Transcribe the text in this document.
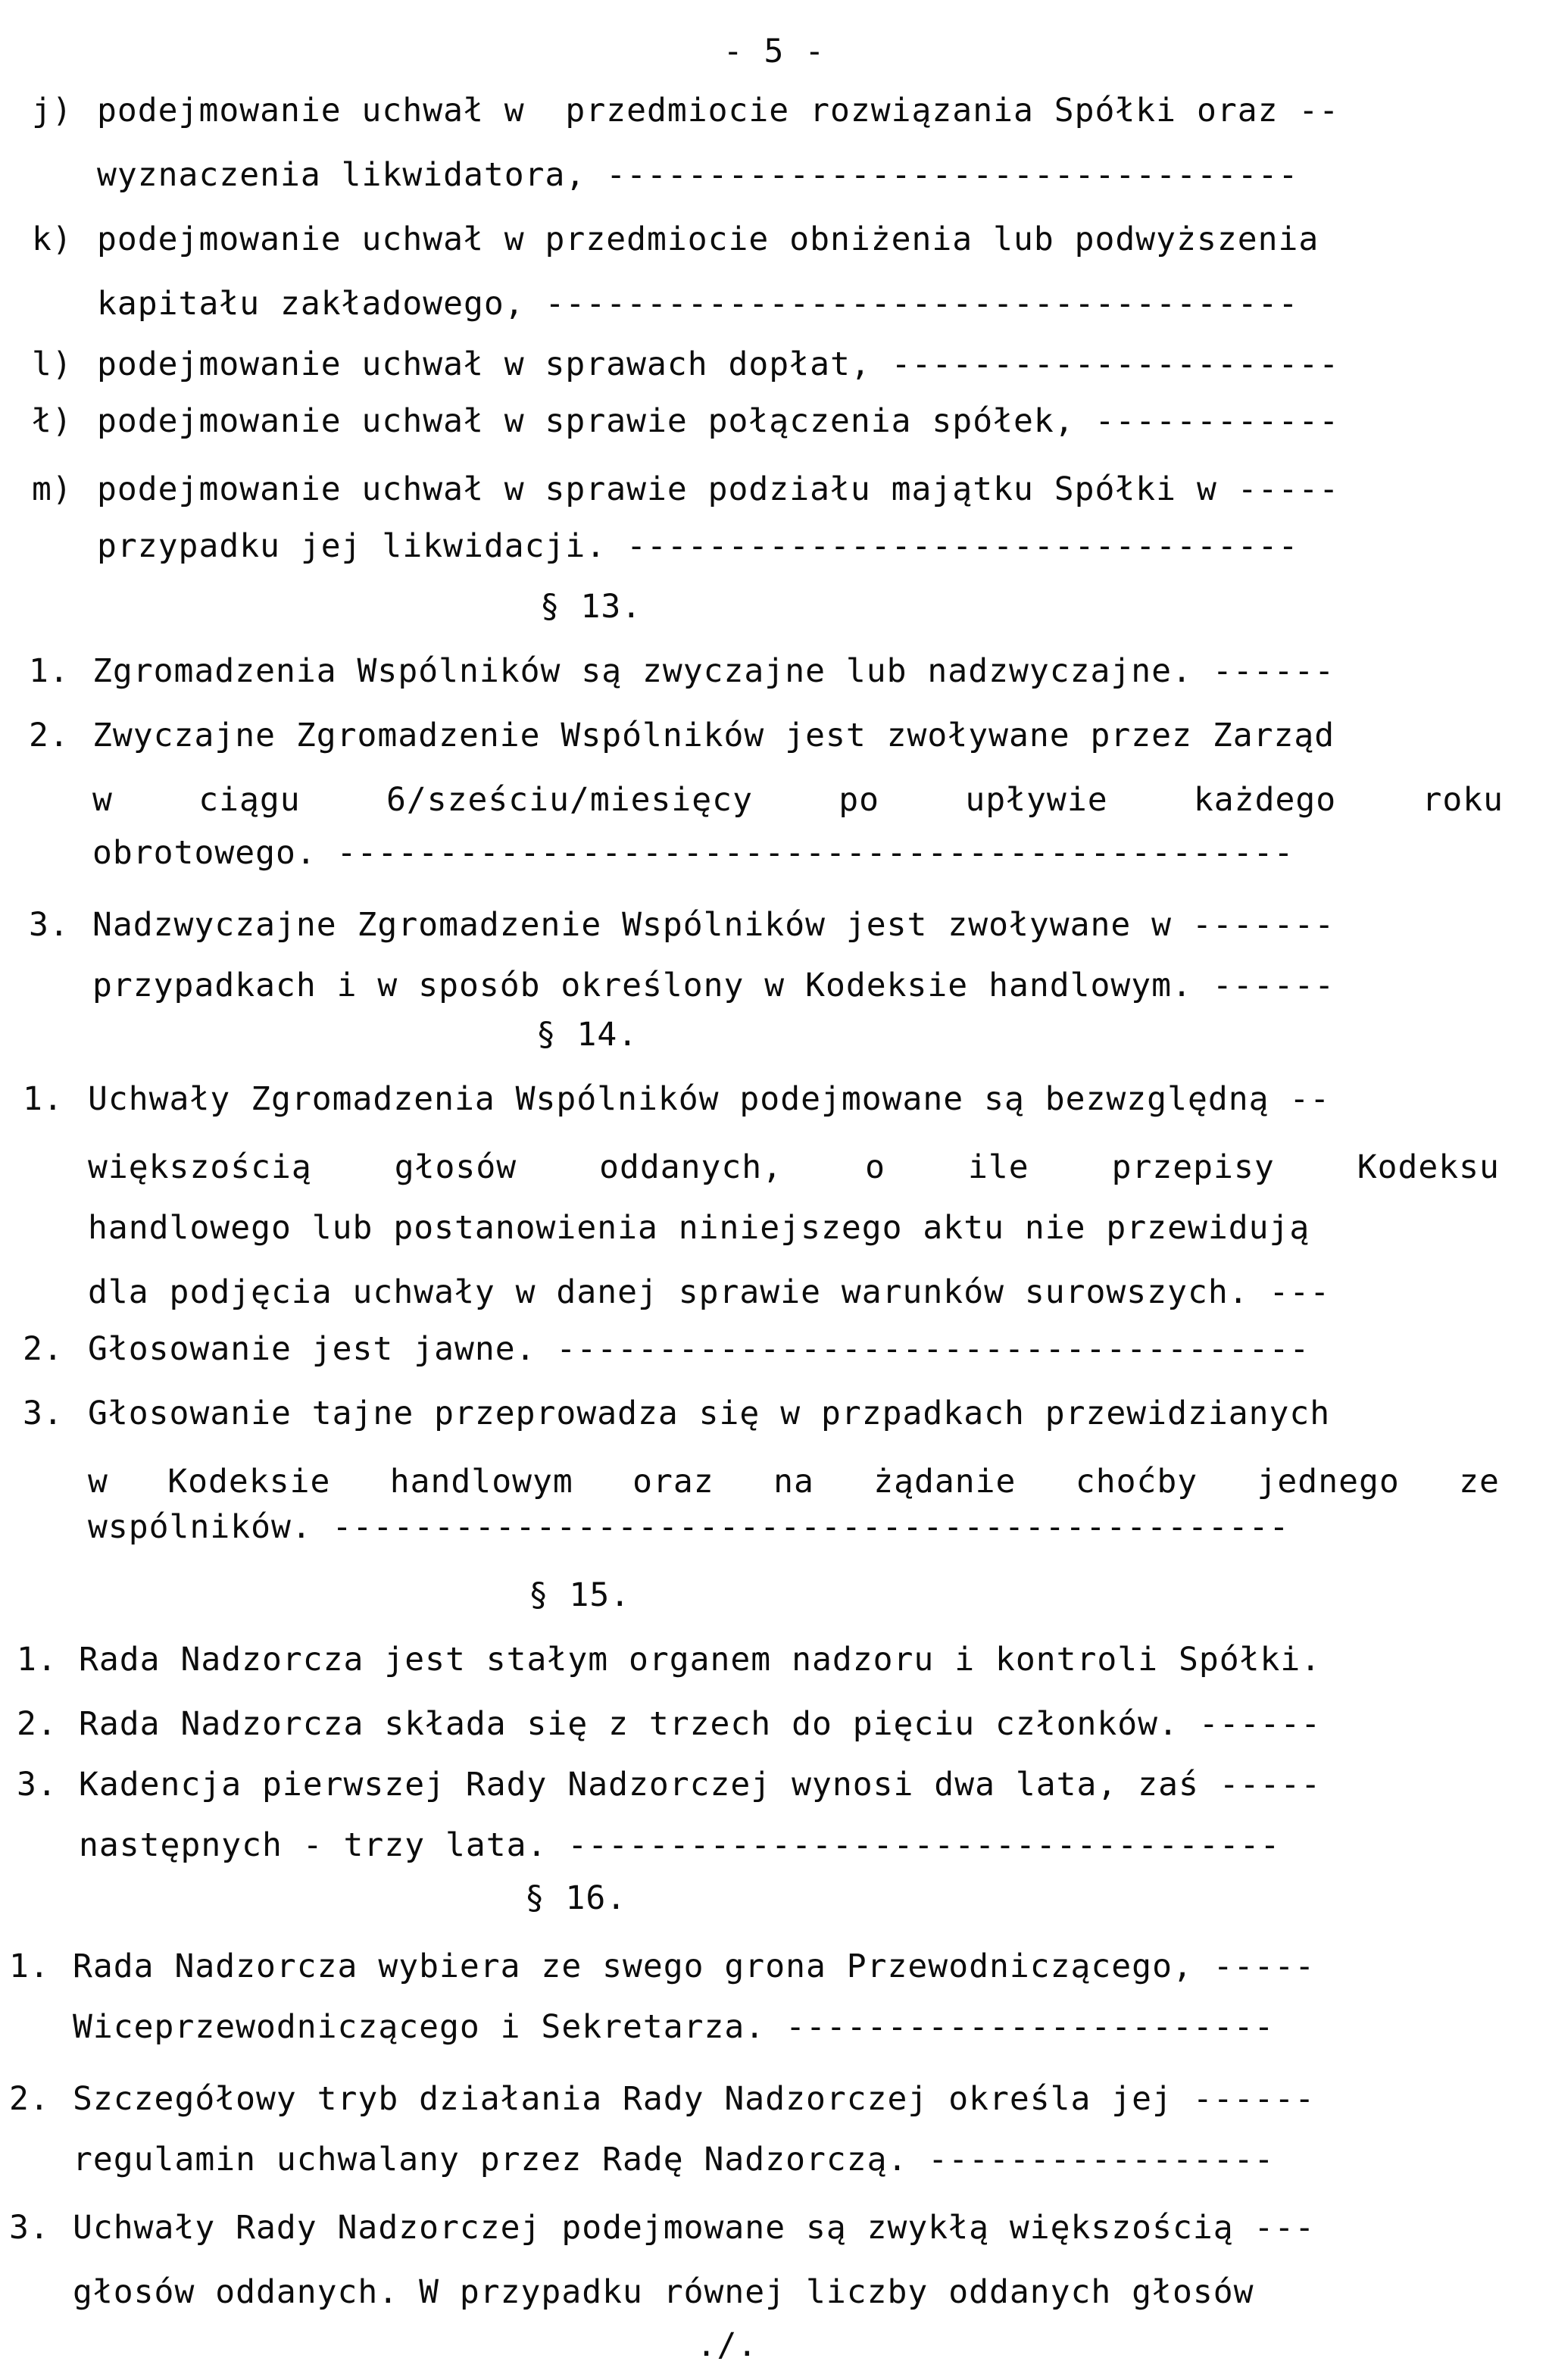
- 5 -
./.
j) podejmowanie uchwał w  przedmiocie rozwiązania Spółki oraz --
wyznaczenia likwidatora, ----------------------------------
k) podejmowanie uchwał w przedmiocie obniżenia lub podwyższenia
kapitału zakładowego, -------------------------------------
l) podejmowanie uchwał w sprawach dopłat, ----------------------
ł) podejmowanie uchwał w sprawie połączenia spółek, ------------
m) podejmowanie uchwał w sprawie podziału majątku Spółki w -----
przypadku jej likwidacji. ---------------------------------
§ 13.
1. Zgromadzenia Wspólników są zwyczajne lub nadzwyczajne. ------
2. Zwyczajne Zgromadzenie Wspólników jest zwoływane przez Zarząd
w	ciągu	6/sześciu/miesięcy	po	upływie	każdego	roku
obrotowego. -----------------------------------------------
3. Nadzwyczajne Zgromadzenie Wspólników jest zwoływane w -------
przypadkach i w sposób określony w Kodeksie handlowym. ------
§ 14.
1. Uchwały Zgromadzenia Wspólników podejmowane są bezwzględną --
większością	głosów	oddanych,	o	ile	przepisy	Kodeksu
handlowego lub postanowienia niniejszego aktu nie przewidują
dla podjęcia uchwały w danej sprawie warunków surowszych. ---
2. Głosowanie jest jawne. -------------------------------------
3. Głosowanie tajne przeprowadza się w przpadkach przewidzianych
w Kodeksie handlowym oraz na żądanie choćby jednego ze
wspólników. -----------------------------------------------
§ 15.
1. Rada Nadzorcza jest stałym organem nadzoru i kontroli Spółki.
2. Rada Nadzorcza składa się z trzech do pięciu członków. ------
3. Kadencja pierwszej Rady Nadzorczej wynosi dwa lata, zaś -----
następnych - trzy lata. -----------------------------------
§ 16.
1. Rada Nadzorcza wybiera ze swego grona Przewodniczącego, -----
Wiceprzewodniczącego i Sekretarza. ------------------------
2. Szczegółowy tryb działania Rady Nadzorczej określa jej ------
regulamin uchwalany przez Radę Nadzorczą. -----------------
3. Uchwały Rady Nadzorczej podejmowane są zwykłą większością ---
głosów oddanych. W przypadku równej liczby oddanych głosów
